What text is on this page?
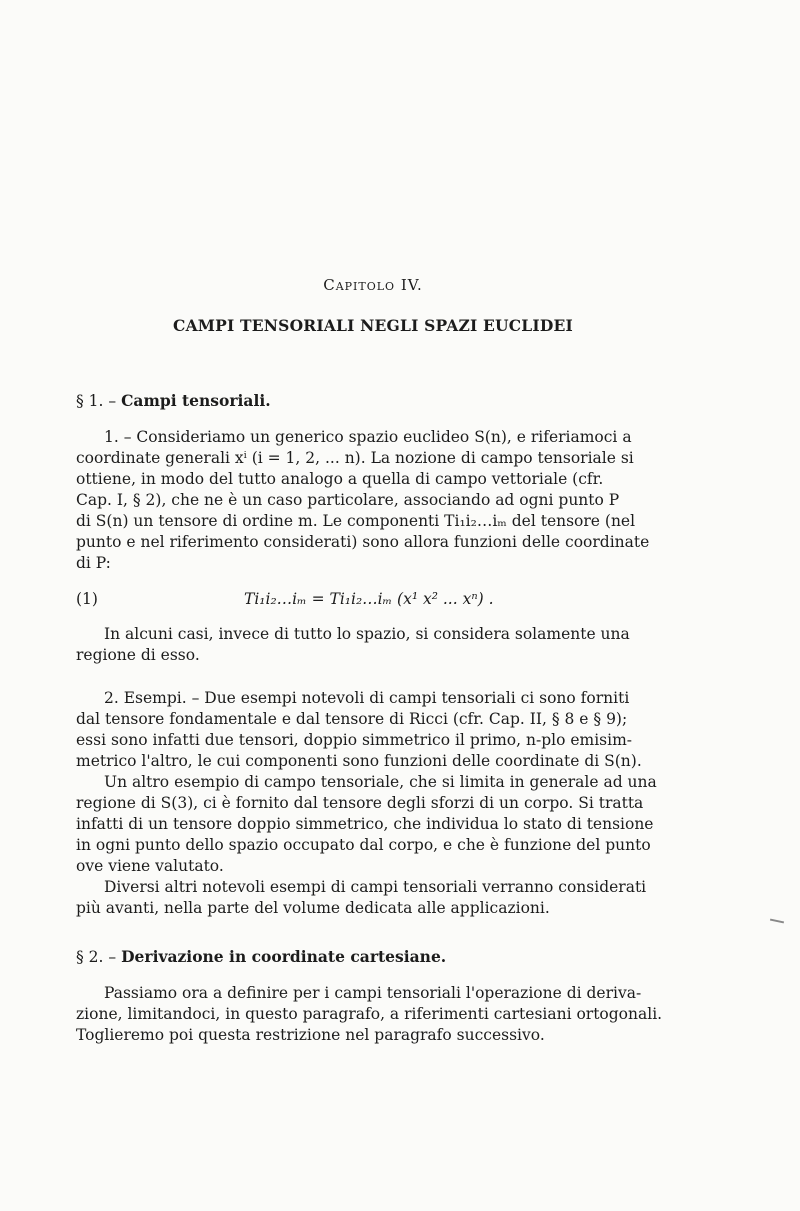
Capitolo IV.
CAMPI TENSORIALI NEGLI SPAZI EUCLIDEI
§ 1. – Campi tensoriali.

1. – Consideriamo un generico spazio euclideo S(n), e riferiamoci a

coordinate generali xⁱ (i = 1, 2, ... n). La nozione di campo tensoriale si
ottiene, in modo del tutto analogo a quella di campo vettoriale (cfr.
Cap. I, § 2), che ne è un caso particolare, associando ad ogni punto P
di S(n) un tensore di ordine m. Le componenti Ti₁i₂…iₘ del tensore (nel
punto e nel riferimento considerati) sono allora funzioni delle coordinate
di P:
(1)	Ti₁i₂…iₘ = Ti₁i₂…iₘ (x¹ x² ... xⁿ) .

In alcuni casi, invece di tutto lo spazio, si considera solamente una

regione di esso.

2. Esempi. – Due esempi notevoli di campi tensoriali ci sono forniti

dal tensore fondamentale e dal tensore di Ricci (cfr. Cap. II, § 8 e § 9);
essi sono infatti due tensori, doppio simmetrico il primo, n-plo emisim-
metrico l'altro, le cui componenti sono funzioni delle coordinate di S(n).

Un altro esempio di campo tensoriale, che si limita in generale ad una

regione di S(3), ci è fornito dal tensore degli sforzi di un corpo. Si tratta
infatti di un tensore doppio simmetrico, che individua lo stato di tensione
in ogni punto dello spazio occupato dal corpo, e che è funzione del punto
ove viene valutato.

Diversi altri notevoli esempi di campi tensoriali verranno considerati

più avanti, nella parte del volume dedicata alle applicazioni.
§ 2. – Derivazione in coordinate cartesiane.

Passiamo ora a definire per i campi tensoriali l'operazione di deriva-

zione, limitandoci, in questo paragrafo, a riferimenti cartesiani ortogonali.
Toglieremo poi questa restrizione nel paragrafo successivo.
